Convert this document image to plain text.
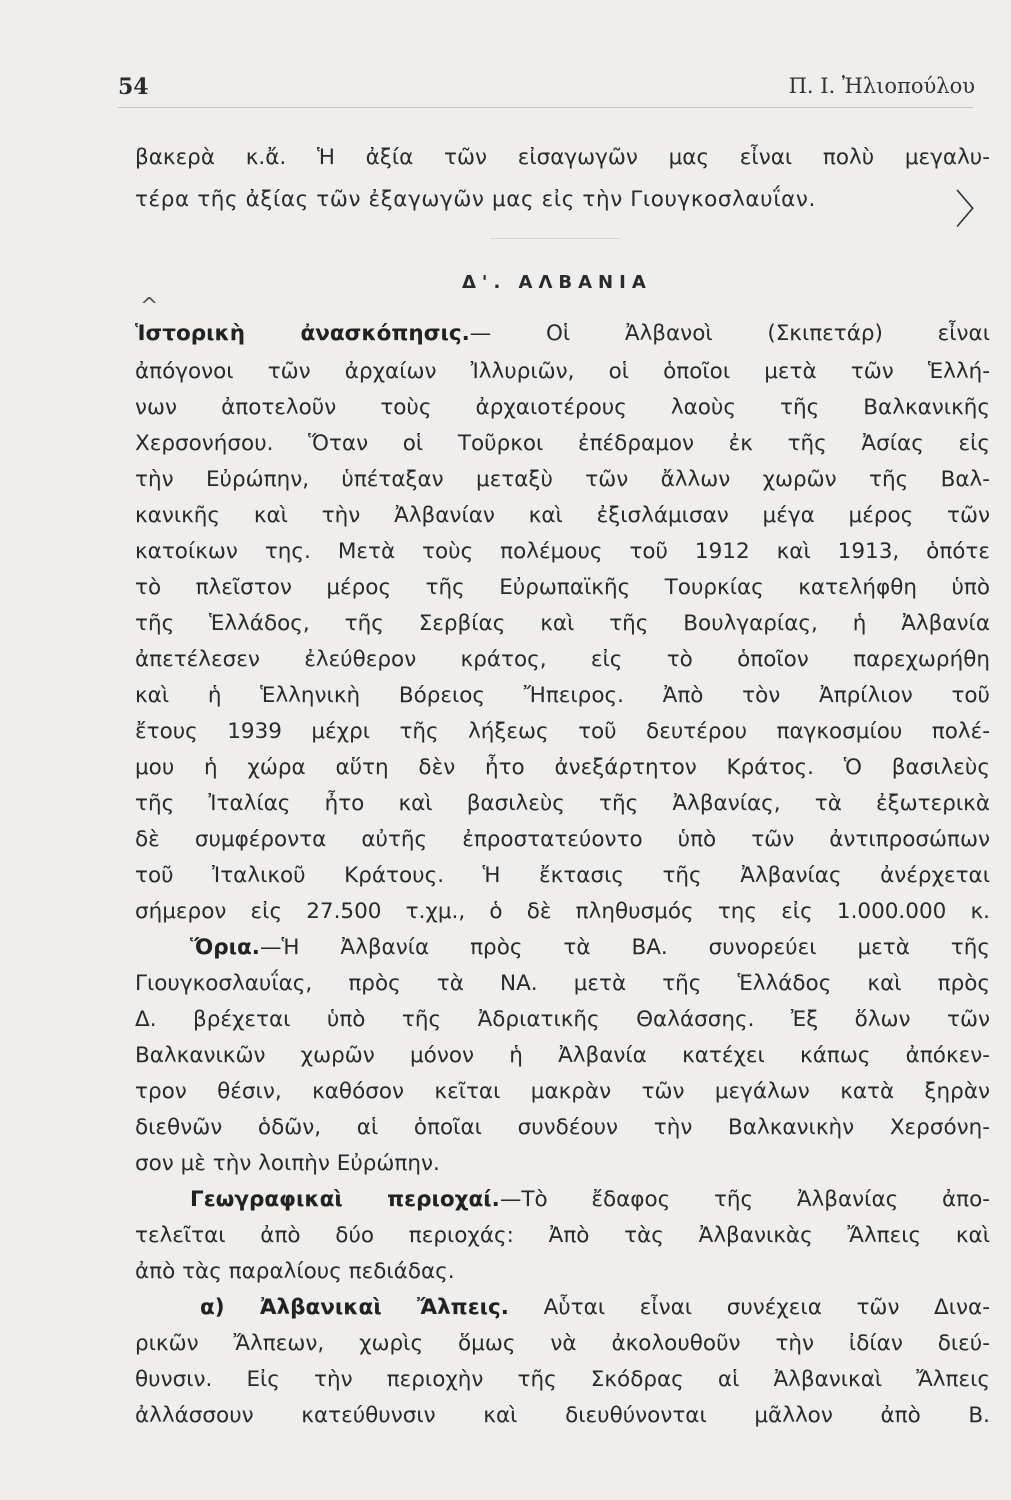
54	Π. Ι. Ἠλιοπούλου
βακερὰ κ.ἄ. Ἡ ἀξία τῶν εἰσαγωγῶν μας εἶναι πολὺ μεγαλυ-
τέρα τῆς ἀξίας τῶν ἐξαγωγῶν μας εἰς τὴν Γιουγκοσλαυΐαν.	〉
Δ'. ΑΛΒΑΝΙΑ
^
Ἱστορικὴ ἀνασκόπησις.— Οἱ Ἀλβανοὶ (Σκιπετάρ) εἶναι
ἀπόγονοι τῶν ἀρχαίων Ἰλλυριῶν, οἱ ὁποῖοι μετὰ τῶν Ἑλλή-
νων ἀποτελοῦν τοὺς ἀρχαιοτέρους λαοὺς τῆς Βαλκανικῆς
Χερσονήσου. Ὅταν οἱ Τοῦρκοι ἐπέδραμον ἐκ τῆς Ἀσίας εἰς
τὴν Εὐρώπην, ὑπέταξαν μεταξὺ τῶν ἄλλων χωρῶν τῆς Βαλ-
κανικῆς καὶ τὴν Ἀλβανίαν καὶ ἐξισλάμισαν μέγα μέρος τῶν
κατοίκων της. Μετὰ τοὺς πολέμους τοῦ 1912 καὶ 1913, ὁπότε
τὸ πλεῖστον μέρος τῆς Εὐρωπαϊκῆς Τουρκίας κατελήφθη ὑπὸ
τῆς Ἑλλάδος, τῆς Σερβίας καὶ τῆς Βουλγαρίας, ἡ Ἀλβανία
ἀπετέλεσεν ἐλεύθερον κράτος, εἰς τὸ ὁποῖον παρεχωρήθη
καὶ ἡ Ἑλληνικὴ Βόρειος Ἤπειρος. Ἀπὸ τὸν Ἀπρίλιον τοῦ
ἔτους 1939 μέχρι τῆς λήξεως τοῦ δευτέρου παγκοσμίου πολέ-
μου ἡ χώρα αὕτη δὲν ἦτο ἀνεξάρτητον Κράτος. Ὁ βασιλεὺς
τῆς Ἰταλίας ἦτο καὶ βασιλεὺς τῆς Ἀλβανίας, τὰ ἐξωτερικὰ
δὲ συμφέροντα αὐτῆς ἐπροστατεύοντο ὑπὸ τῶν ἀντιπροσώπων
τοῦ Ἰταλικοῦ Κράτους. Ἡ ἔκτασις τῆς Ἀλβανίας ἀνέρχεται
σήμερον εἰς 27.500 τ.χμ., ὁ δὲ πληθυσμός της εἰς 1.000.000 κ.
Ὅρια.—Ἡ Ἀλβανία πρὸς τὰ ΒΑ. συνορεύει μετὰ τῆς
Γιουγκοσλαυΐας, πρὸς τὰ ΝΑ. μετὰ τῆς Ἑλλάδος καὶ πρὸς
Δ. βρέχεται ὑπὸ τῆς Ἀδριατικῆς Θαλάσσης. Ἐξ ὅλων τῶν
Βαλκανικῶν χωρῶν μόνον ἡ Ἀλβανία κατέχει κάπως ἀπόκεν-
τρον θέσιν, καθόσον κεῖται μακρὰν τῶν μεγάλων κατὰ ξηρὰν
διεθνῶν ὁδῶν, αἱ ὁποῖαι συνδέουν τὴν Βαλκανικὴν Χερσόνη-
σον μὲ τὴν λοιπὴν Εὐρώπην.
Γεωγραφικαὶ περιοχαί.—Τὸ ἔδαφος τῆς Ἀλβανίας ἀπο-
τελεῖται ἀπὸ δύο περιοχάς: Ἀπὸ τὰς Ἀλβανικὰς Ἄλπεις καὶ
ἀπὸ τὰς παραλίους πεδιάδας.
α) Ἀλβανικαὶ Ἄλπεις. Αὗται εἶναι συνέχεια τῶν Δινα-
ρικῶν Ἄλπεων, χωρὶς ὅμως νὰ ἀκολουθοῦν τὴν ἰδίαν διεύ-
θυνσιν. Εἰς τὴν περιοχὴν τῆς Σκόδρας αἱ Ἀλβανικαὶ Ἄλπεις
ἀλλάσσουν κατεύθυνσιν καὶ διευθύνονται μᾶλλον ἀπὸ Β.
